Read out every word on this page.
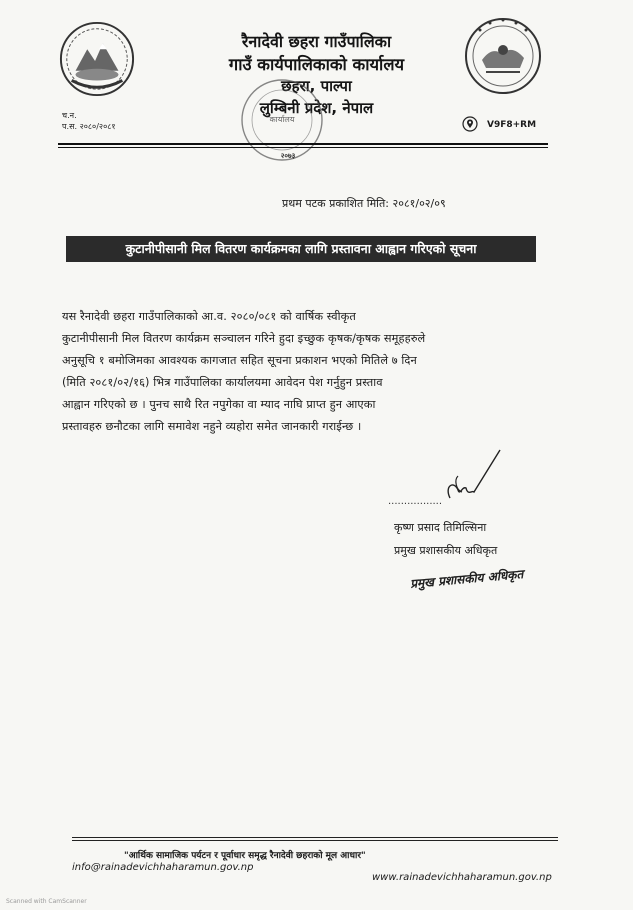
रैनादेवी छहरा गाउँपालिका
गाउँ कार्यपालिकाको कार्यालय
छहरा, पाल्पा
लुम्बिनी प्रदेश, नेपाल
कार्यालय
२०७३
च.न.
प.स. २०८०/२०८१	V9F8+RM
प्रथम पटक प्रकाशित मिति: २०८१/०२/०९
कुटानीपीसानी मिल वितरण कार्यक्रमका लागि प्रस्तावना आह्वान गरिएको सूचना
यस रैनादेवी छहरा गाउँपालिकाको आ.व. २०८०/०८१ को वार्षिक स्वीकृत
कुटानीपीसानी मिल वितरण कार्यक्रम सञ्चालन गरिने हुदा इच्छुक कृषक/कृषक समूहहरुले
अनुसूचि १ बमोजिमका आवश्यक कागजात सहित सूचना प्रकाशन भएको मितिले ७ दिन
(मिति २०८१/०२/१६) भित्र गाउँपालिका कार्यालयमा आवेदन पेश गर्नुहुन प्रस्ताव
आह्वान गरिएको छ । पुनच साथै रित नपुगेका वा म्याद नाघि प्राप्त हुन आएका
प्रस्तावहरु छनौटका लागि समावेश नहुने व्यहोरा समेत जानकारी गराईन्छ ।
.................
कृष्ण प्रसाद तिमिल्सिना
प्रमुख प्रशासकीय अधिकृत
प्रमुख प्रशासकीय अधिकृत
"आर्थिक सामाजिक पर्यटन र पूर्वाधार समृद्ध रैनादेवी छहराको मूल आधार"
info@rainadevichhaharamun.gov.np
www.rainadevichhaharamun.gov.np
Scanned with CamScanner
